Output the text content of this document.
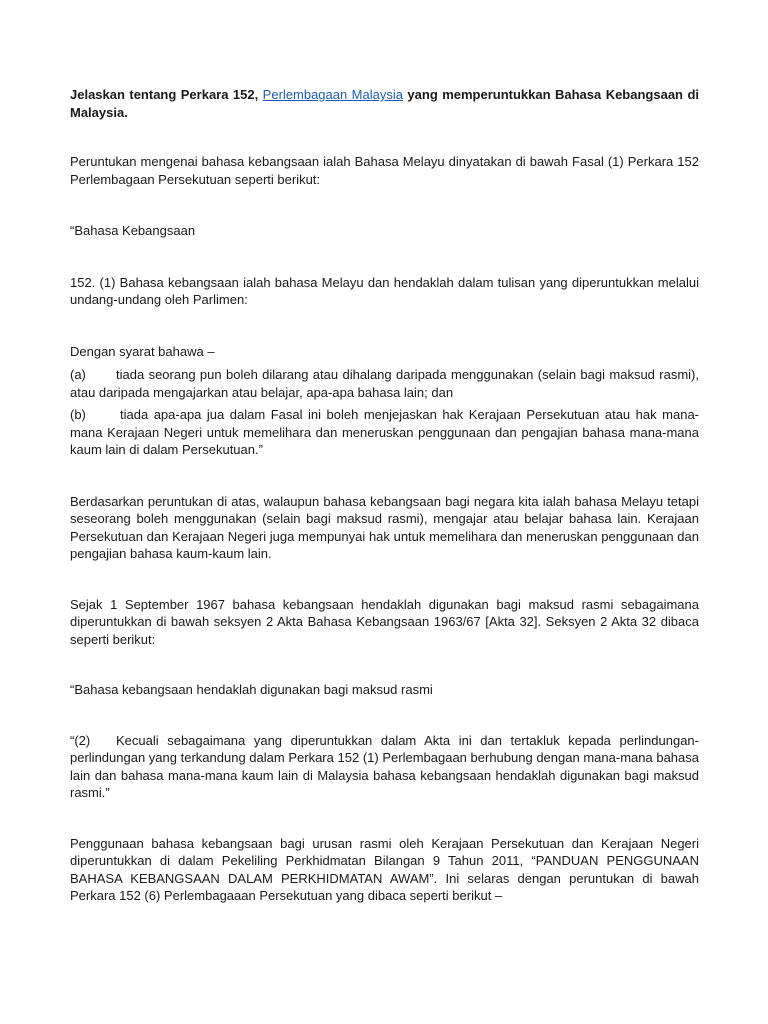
Jelaskan tentang Perkara 152, Perlembagaan Malaysia yang memperuntukkan Bahasa Kebangsaan di Malaysia.

Peruntukan mengenai bahasa kebangsaan ialah Bahasa Melayu dinyatakan di bawah Fasal (1) Perkara 152 Perlembagaan Persekutuan seperti berikut:

“Bahasa Kebangsaan

152. (1) Bahasa kebangsaan ialah bahasa Melayu dan hendaklah dalam tulisan yang diperuntukkan melalui undang-undang oleh Parlimen:

Dengan syarat bahawa –

(a) tiada seorang pun boleh dilarang atau dihalang daripada menggunakan (selain bagi maksud rasmi), atau daripada mengajarkan atau belajar, apa-apa bahasa lain; dan

(b)	tiada apa-apa jua dalam Fasal ini boleh menjejaskan hak Kerajaan Persekutuan atau hak mana-mana Kerajaan Negeri untuk memelihara dan meneruskan penggunaan dan pengajian bahasa mana-mana kaum lain di dalam Persekutuan.”

Berdasarkan peruntukan di atas, walaupun bahasa kebangsaan bagi negara kita ialah bahasa Melayu tetapi seseorang boleh menggunakan (selain bagi maksud rasmi), mengajar atau belajar bahasa lain. Kerajaan Persekutuan dan Kerajaan Negeri juga mempunyai hak untuk memelihara dan meneruskan penggunaan dan pengajian bahasa kaum-kaum lain.

Sejak 1 September 1967 bahasa kebangsaan hendaklah digunakan bagi maksud rasmi sebagaimana diperuntukkan di bawah seksyen 2 Akta Bahasa Kebangsaan 1963/67 [Akta 32]. Seksyen 2 Akta 32 dibaca seperti berikut:

“Bahasa kebangsaan hendaklah digunakan bagi maksud rasmi

“(2) Kecuali sebagaimana yang diperuntukkan dalam Akta ini dan tertakluk kepada perlindungan-perlindungan yang terkandung dalam Perkara 152 (1) Perlembagaan berhubung dengan mana-mana bahasa lain dan bahasa mana-mana kaum lain di Malaysia bahasa kebangsaan hendaklah digunakan bagi maksud rasmi.”

Penggunaan bahasa kebangsaan bagi urusan rasmi oleh Kerajaan Persekutuan dan Kerajaan Negeri diperuntukkan di dalam Pekeliling Perkhidmatan Bilangan 9 Tahun 2011, “PANDUAN PENGGUNAAN BAHASA KEBANGSAAN DALAM PERKHIDMATAN AWAM”. Ini selaras dengan peruntukan di bawah Perkara 152 (6) Perlembagaaan Persekutuan yang dibaca seperti berikut –
